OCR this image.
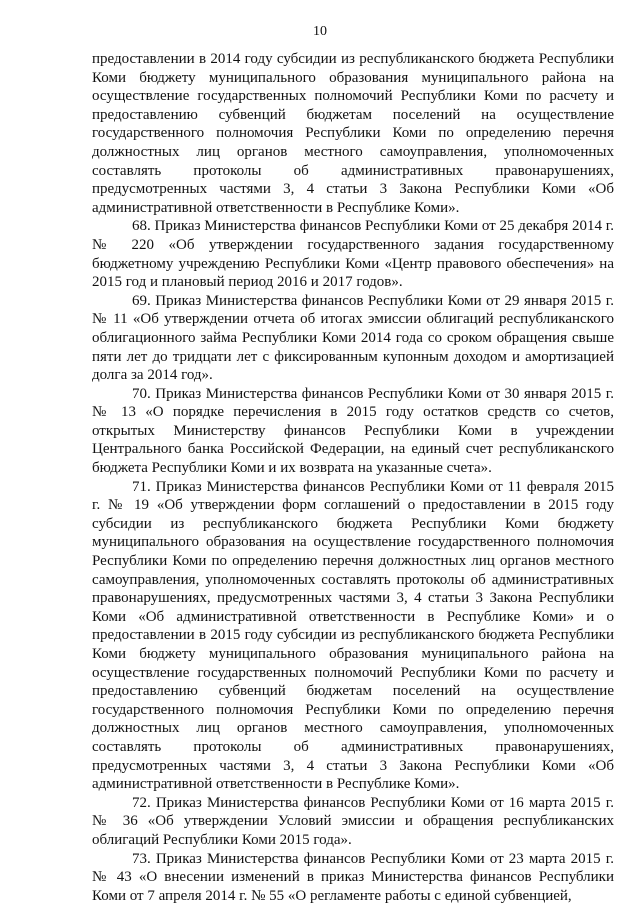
10

предоставлении в 2014 году субсидии из республиканского бюджета Республики Коми бюджету муниципального образования муниципального района на осуществление государственных полномочий Республики Коми по расчету и предоставлению субвенций бюджетам поселений на осуществление государственного полномочия Республики Коми по определению перечня должностных лиц органов местного самоуправления, уполномоченных составлять протоколы об административных правонарушениях, предусмотренных частями 3, 4 статьи 3 Закона Республики Коми «Об административной ответственности в Республике Коми».

68. Приказ Министерства финансов Республики Коми от 25 декабря 2014 г. № 220 «Об утверждении государственного задания государственному бюджетному учреждению Республики Коми «Центр правового обеспечения» на 2015 год и плановый период 2016 и 2017 годов».

69. Приказ Министерства финансов Республики Коми от 29 января 2015 г. № 11 «Об утверждении отчета об итогах эмиссии облигаций республиканского облигационного займа Республики Коми 2014 года со сроком обращения свыше пяти лет до тридцати лет с фиксированным купонным доходом и амортизацией долга за 2014 год».

70. Приказ Министерства финансов Республики Коми от 30 января 2015 г. № 13 «О порядке перечисления в 2015 году остатков средств со счетов, открытых Министерству финансов Республики Коми в учреждении Центрального банка Российской Федерации, на единый счет республиканского бюджета Республики Коми и их возврата на указанные счета».

71. Приказ Министерства финансов Республики Коми от 11 февраля 2015 г. № 19 «Об утверждении форм соглашений о предоставлении в 2015 году субсидии из республиканского бюджета Республики Коми бюджету муниципального образования на осуществление государственного полномочия Республики Коми по определению перечня должностных лиц органов местного самоуправления, уполномоченных составлять протоколы об административных правонарушениях, предусмотренных частями 3, 4 статьи 3 Закона Республики Коми «Об административной ответственности в Республике Коми» и о предоставлении в 2015 году субсидии из республиканского бюджета Республики Коми бюджету муниципального образования муниципального района на осуществление государственных полномочий Республики Коми по расчету и предоставлению субвенций бюджетам поселений на осуществление государственного полномочия Республики Коми по определению перечня должностных лиц органов местного самоуправления, уполномоченных составлять протоколы об административных правонарушениях, предусмотренных частями 3, 4 статьи 3 Закона Республики Коми «Об административной ответственности в Республике Коми».

72. Приказ Министерства финансов Республики Коми от 16 марта 2015 г. № 36 «Об утверждении Условий эмиссии и обращения республиканских облигаций Республики Коми 2015 года».

73. Приказ Министерства финансов Республики Коми от 23 марта 2015 г. № 43 «О внесении изменений в приказ Министерства финансов Республики Коми от 7 апреля 2014 г. № 55 «О регламенте работы с единой субвенцией,
